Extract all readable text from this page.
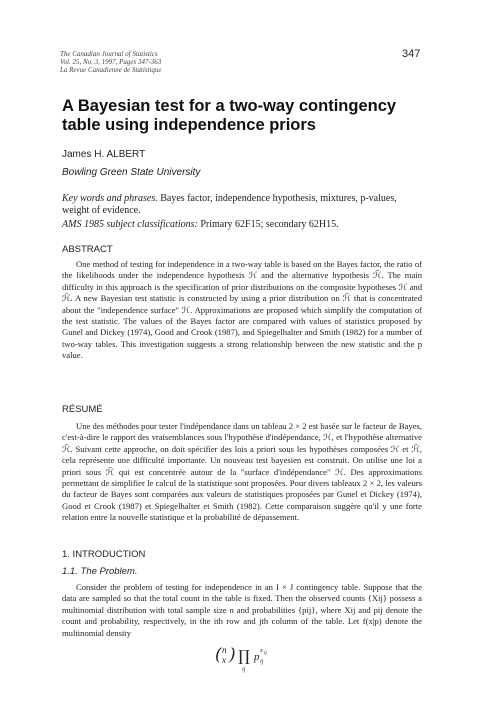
The Canadian Journal of Statistics
Vol. 25, No. 3, 1997, Pages 347-363
La Revue Canadienne de Statistique
347
A Bayesian test for a two-way contingency table using independence priors
James H. ALBERT
Bowling Green State University
Key words and phrases. Bayes factor, independence hypothesis, mixtures, p-values, weight of evidence.
AMS 1985 subject classifications: Primary 62F15; secondary 62H15.
ABSTRACT
One method of testing for independence in a two-way table is based on the Bayes factor, the ratio of the likelihoods under the independence hypothesis ℋ and the alternative hypothesis ℋ̄. The main difficulty in this approach is the specification of prior distributions on the composite hypotheses ℋ and ℋ̄. A new Bayesian test statistic is constructed by using a prior distribution on ℋ̄ that is concentrated about the "independence surface" ℋ. Approximations are proposed which simplify the computation of the test statistic. The values of the Bayes factor are compared with values of statistics proposed by Gunel and Dickey (1974), Good and Crook (1987), and Spiegelhalter and Smith (1982) for a number of two-way tables. This investigation suggests a strong relationship between the new statistic and the p value.
RÉSUMÉ
Une des méthodes pour tester l'indépendance dans un tableau 2 × 2 est basée sur le facteur de Bayes, c'est-à-dire le rapport des vraisemblances sous l'hypothèse d'indépendance, ℋ, et l'hypothèse alternative ℋ̄. Suivant cette approche, on doit spécifier des lois a priori sous les hypothèses composées ℋ et ℋ̄, cela représente une difficulté importante. Un nouveau test bayesien est construit. On utilise une loi a priori sous ℋ̄ qui est concentrée autour de la "surface d'indépendance" ℋ. Des approximations permettant de simplifier le calcul de la statistique sont proposées. Pour divers tableaux 2 × 2, les valeurs du facteur de Bayes sont comparées aux valeurs de statistiques proposées par Gunel et Dickey (1974), Good et Crook (1987) et Spiegelhalter et Smith (1982). Cette comparaison suggère qu'il y une forte relation entre la nouvelle statistique et la probabilité de dépassement.
1. INTRODUCTION
1.1. The Problem.
Consider the problem of testing for independence in an I × J contingency table. Suppose that the data are sampled so that the total count in the table is fixed. Then the observed counts {Xij} possess a multinomial distribution with total sample size n and probabilities {pij}, where Xij and pij denote the count and probability, respectively, in the ith row and jth column of the table. Let f(x|p) denote the multinomial density
( n
x ) ∏
ij
p ij
x ij
